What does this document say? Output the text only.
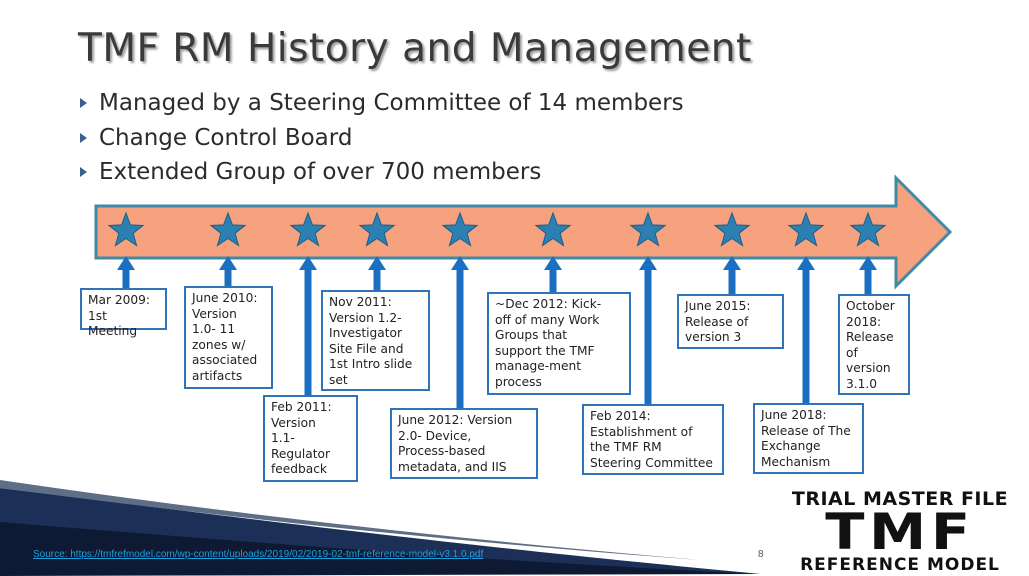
TMF RM History and Management
Managed by a Steering Committee of 14 members
Change Control Board
Extended Group of over 700 members
Mar 2009:
1st Meeting
June 2010:
Version
1.0- 11
zones w/
associated
artifacts
Feb 2011:
Version
1.1-
Regulator
feedback
Nov 2011:
Version 1.2-
Investigator
Site File and
1st Intro slide
set
June 2012: Version
2.0- Device,
Process-based
metadata, and IIS
~Dec 2012: Kick-
off of many Work
Groups that
support the TMF
manage-ment
process
Feb 2014:
Establishment of
the TMF RM
Steering Committee
June 2015:
Release of
version 3
June 2018:
Release of The
Exchange
Mechanism
October
2018:
Release
of
version
3.1.0
Source: https://tmfrefmodel.com/wp-content/uploads/2019/02/2019-02-tmf-reference-model-v3.1.0.pdf	8
TRIAL MASTER FILE
TMF
REFERENCE MODEL
